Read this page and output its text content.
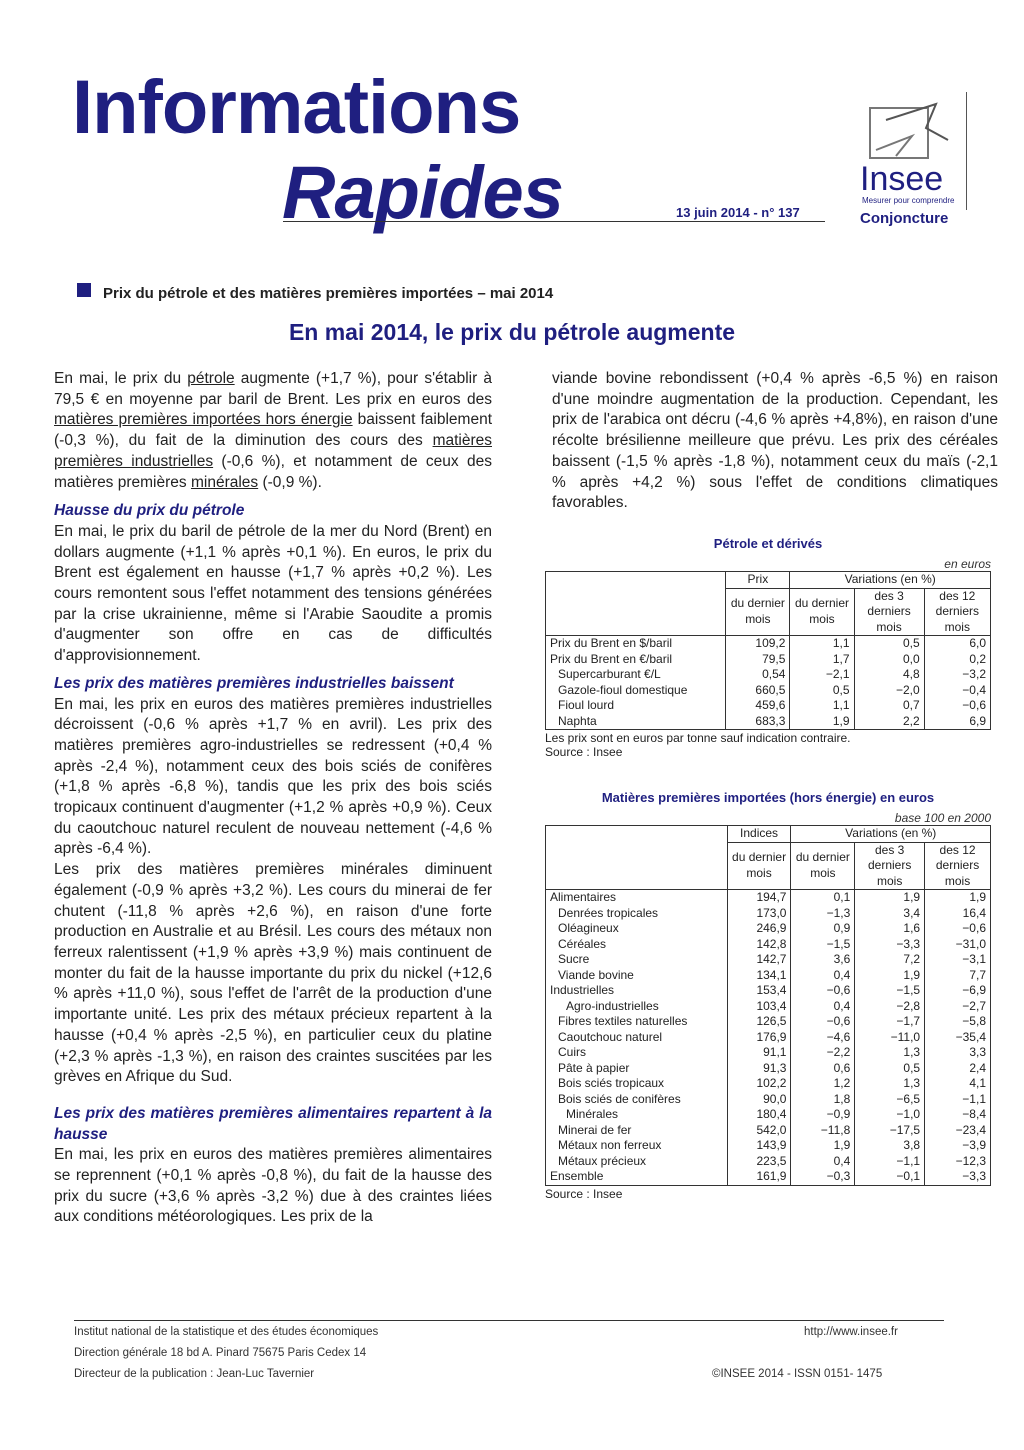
Informations
Rapides	13 juin 2014 - n° 137
Insee
Mesurer pour comprendre
Conjoncture
Prix du pétrole et des matières premières importées – mai 2014
En mai 2014, le prix du pétrole augmente

En mai, le prix du pétrole augmente (+1,7 %), pour s'établir à 79,5 € en moyenne par baril de Brent. Les prix en euros des matières premières importées hors énergie baissent faiblement (-0,3 %), du fait de la diminution des cours des matières premières industrielles (-0,6 %), et notamment de ceux des matières premières minérales (-0,9 %).

Hausse du prix du pétrole

En mai, le prix du baril de pétrole de la mer du Nord (Brent) en dollars augmente (+1,1 % après +0,1 %). En euros, le prix du Brent est également en hausse (+1,7 % après +0,2 %). Les cours remontent sous l'effet notamment des tensions générées par la crise ukrainienne, même si l'Arabie Saoudite a promis d'augmenter son offre en cas de difficultés d'approvisionnement.

Les prix des matières premières industrielles baissent

En mai, les prix en euros des matières premières industrielles décroissent (-0,6 % après +1,7 % en avril). Les prix des matières premières agro-industrielles se redressent (+0,4 % après -2,4 %), notamment ceux des bois sciés de conifères (+1,8 % après -6,8 %), tandis que les prix des bois sciés tropicaux continuent d'augmenter (+1,2 % après +0,9 %). Ceux du caoutchouc naturel reculent de nouveau nettement (-4,6 % après -6,4 %).

Les prix des matières premières minérales diminuent également (-0,9 % après +3,2 %). Les cours du minerai de fer chutent (-11,8 % après +2,6 %), en raison d'une forte production en Australie et au Brésil. Les cours des métaux non ferreux ralentissent (+1,9 % après +3,9 %) mais continuent de monter du fait de la hausse importante du prix du nickel (+12,6 % après +11,0 %), sous l'effet de l'arrêt de la production d'une importante unité. Les prix des métaux précieux repartent à la hausse (+0,4 % après -2,5 %), en particulier ceux du platine (+2,3 % après -1,3 %), en raison des craintes suscitées par les grèves en Afrique du Sud.

Les prix des matières premières alimentaires repartent à la hausse

En mai, les prix en euros des matières premières alimentaires se reprennent (+0,1 % après -0,8 %), du fait de la hausse des prix du sucre (+3,6 % après -3,2 %) due à des craintes liées aux conditions météorologiques. Les prix de la

viande bovine rebondissent (+0,4 % après -6,5 %) en raison d'une moindre augmentation de la production. Cependant, les prix de l'arabica ont décru (-4,6 % après +4,8%), en raison d'une récolte brésilienne meilleure que prévu. Les prix des céréales baissent (-1,5 % après -1,8 %), notamment ceux du maïs (-2,1 % après +4,2 %) sous l'effet de conditions climatiques favorables.

Pétrole et dérivés
en euros
	Prix	Variations (en %)		
	du dernier mois	du dernier mois	des 3 derniers mois	des 12 derniers mois
Prix du Brent en $/baril	109,2	1,1	0,5	6,0
Prix du Brent en €/baril	79,5	1,7	0,0	0,2
Supercarburant €/L	0,54	−2,1	4,8	−3,2
Gazole-fioul domestique	660,5	0,5	−2,0	−0,4
Fioul lourd	459,6	1,1	0,7	−0,6
Naphta	683,3	1,9	2,2	6,9
Les prix sont en euros par tonne sauf indication contraire.
Source : Insee
Matières premières importées (hors énergie) en euros
base 100 en 2000
	Indices	Variations (en %)		
	du dernier mois	du dernier mois	des 3 derniers mois	des 12 derniers mois
Alimentaires	194,7	0,1	1,9	1,9
Denrées tropicales	173,0	−1,3	3,4	16,4
Oléagineux	246,9	0,9	1,6	−0,6
Céréales	142,8	−1,5	−3,3	−31,0
Sucre	142,7	3,6	7,2	−3,1
Viande bovine	134,1	0,4	1,9	7,7
Industrielles	153,4	−0,6	−1,5	−6,9
Agro-industrielles	103,4	0,4	−2,8	−2,7
Fibres textiles naturelles	126,5	−0,6	−1,7	−5,8
Caoutchouc naturel	176,9	−4,6	−11,0	−35,4
Cuirs	91,1	−2,2	1,3	3,3
Pâte à papier	91,3	0,6	0,5	2,4
Bois sciés tropicaux	102,2	1,2	1,3	4,1
Bois sciés de conifères	90,0	1,8	−6,5	−1,1
Minérales	180,4	−0,9	−1,0	−8,4
Minerai de fer	542,0	−11,8	−17,5	−23,4
Métaux non ferreux	143,9	1,9	3,8	−3,9
Métaux précieux	223,5	0,4	−1,1	−12,3
Ensemble	161,9	−0,3	−0,1	−3,3
Source : Insee
Institut national de la statistique et des études économiques
Direction générale 18 bd A. Pinard 75675 Paris Cedex 14
Directeur de la publication : Jean-Luc Tavernier
http://www.insee.fr
©INSEE 2014 - ISSN 0151- 1475
